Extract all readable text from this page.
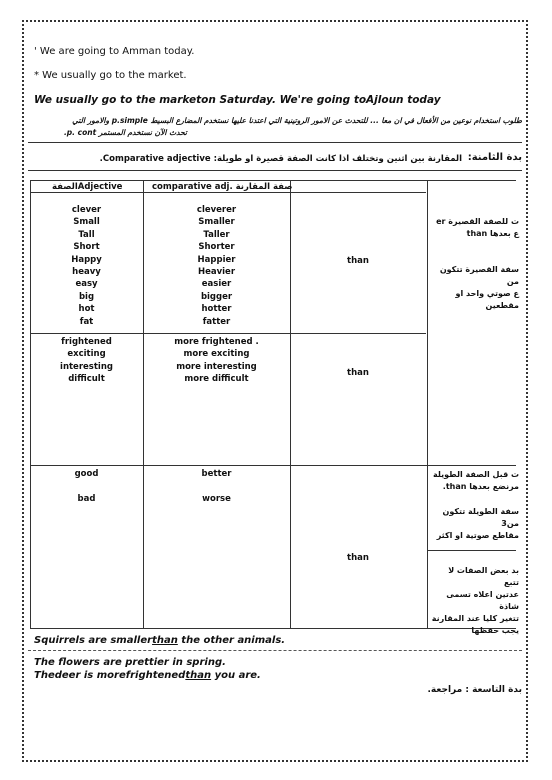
' We are going to Amman today.
* We usually go to the market.
We usually go to the marketon Saturday. We're going toAjloun today
طلوب استخدام نوعين من الأفعال في ان معا ... للتحدث عن الامور الروتينية التي اعتدنا عليها نستخدم المضارع البسيط p.simple والامور التي
تحدث الآن نستخدم المستمر p. cont.
بدة الثامنة:
المقارنة بين اثنين وتختلف اذا كانت الصفة قصيرة او طويلة: Comparative adjective.
الصفةAdjective	comparative adj. صفة المقارنة
clever
Small
Tall
Short
Happy
heavy
easy
big
hot
fat
cleverer
Smaller
Taller
Shorter
Happier
Heavier
easier
bigger
hotter
fatter
than
frightened
exciting
interesting
difficult
more frightened .
more exciting
more interesting
more difficult
than
good

bad
better

worse
than
ت للصفة القصيرة er
ع بعدها than
سفة القصيرة تتكون من
ع صوتي واحد او مقطعين
ت قبل الصفة الطويلة
مرنضع بعدها than.
سفة الطويلة تتكون من3
مقاطع صوتية او اكثر
بد بعض الصفات لا تتبع
عدتين اعلاه تسمى شاذة
تتغير كليا عند المقارنة
يجب حفظها
Squirrels are smallerthan the other animals.
The flowers are prettier in spring.
Thedeer is morefrightenedthan you are.
بدة التاسعة : مراجعة.
